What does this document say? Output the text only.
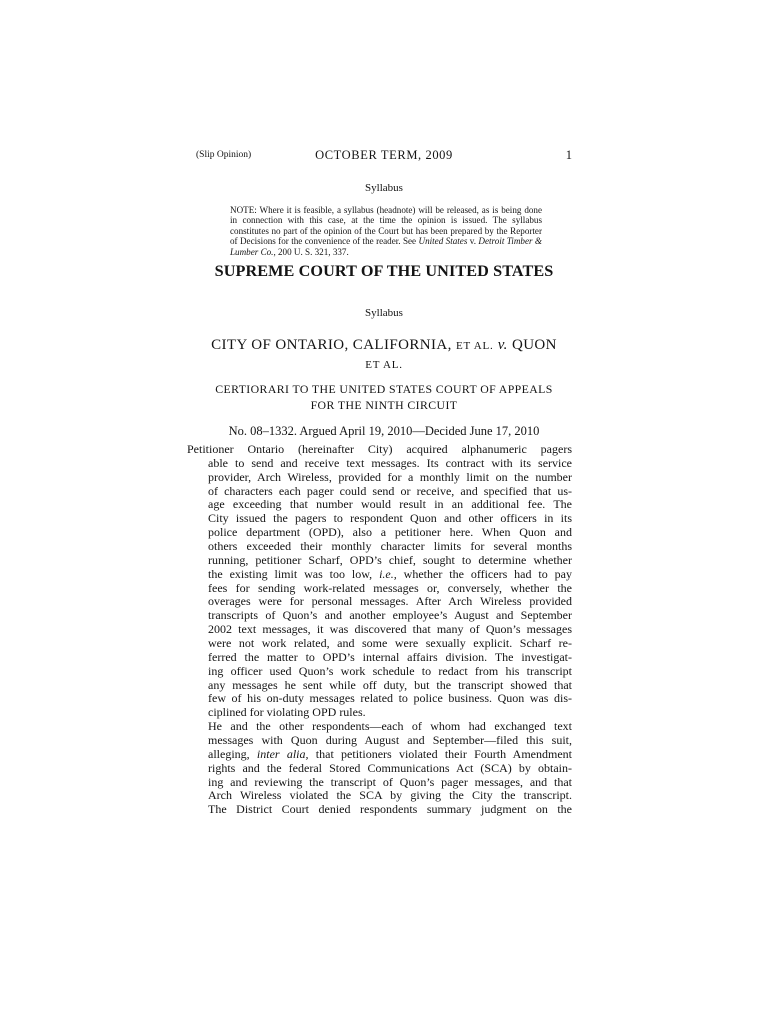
(Slip Opinion)	OCTOBER TERM, 2009	1
Syllabus
NOTE: Where it is feasible, a syllabus (headnote) will be released, as is being done in connection with this case, at the time the opinion is issued. The syllabus constitutes no part of the opinion of the Court but has been prepared by the Reporter of Decisions for the convenience of the reader. See United States v. Detroit Timber & Lumber Co., 200 U. S. 321, 337.
SUPREME COURT OF THE UNITED STATES
Syllabus
CITY OF ONTARIO, CALIFORNIA, ET AL. v. QUON
ET AL.
CERTIORARI TO THE UNITED STATES COURT OF APPEALS FOR THE NINTH CIRCUIT
No. 08–1332. Argued April 19, 2010—Decided June 17, 2010
Petitioner Ontario (hereinafter City) acquired alphanumeric pagers
able to send and receive text messages. Its contract with its service
provider, Arch Wireless, provided for a monthly limit on the number
of characters each pager could send or receive, and specified that us-
age exceeding that number would result in an additional fee. The
City issued the pagers to respondent Quon and other officers in its
police department (OPD), also a petitioner here. When Quon and
others exceeded their monthly character limits for several months
running, petitioner Scharf, OPD’s chief, sought to determine whether
the existing limit was too low, i.e., whether the officers had to pay
fees for sending work-related messages or, conversely, whether the
overages were for personal messages. After Arch Wireless provided
transcripts of Quon’s and another employee’s August and September
2002 text messages, it was discovered that many of Quon’s messages
were not work related, and some were sexually explicit. Scharf re-
ferred the matter to OPD’s internal affairs division. The investigat-
ing officer used Quon’s work schedule to redact from his transcript
any messages he sent while off duty, but the transcript showed that
few of his on-duty messages related to police business. Quon was dis-
ciplined for violating OPD rules.
He and the other respondents—each of whom had exchanged text
messages with Quon during August and September—filed this suit,
alleging, inter alia, that petitioners violated their Fourth Amendment
rights and the federal Stored Communications Act (SCA) by obtain-
ing and reviewing the transcript of Quon’s pager messages, and that
Arch Wireless violated the SCA by giving the City the transcript.
The District Court denied respondents summary judgment on the
